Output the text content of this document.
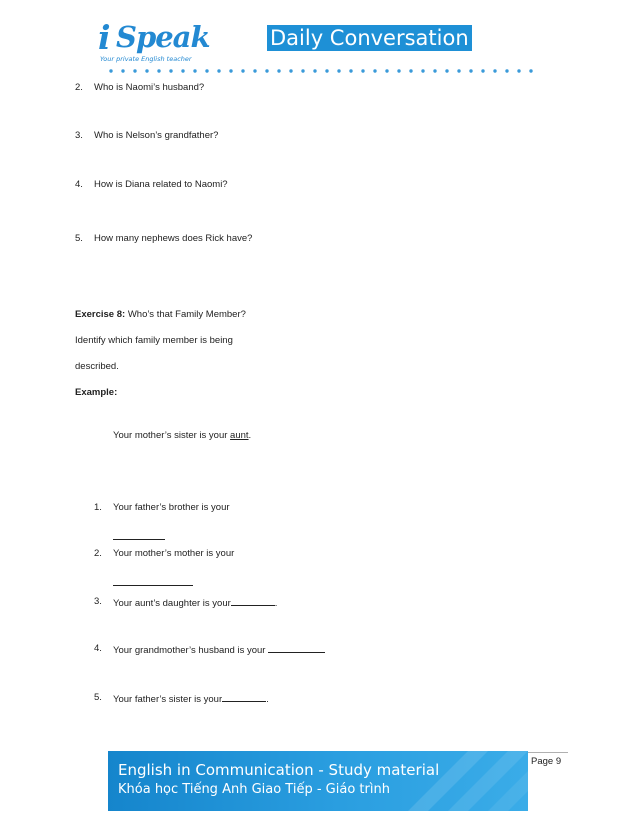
i Speak
Your private English teacher
Daily Conversation
2. Who is Naomi’s husband?
3. Who is Nelson’s grandfather?
4. How is Diana related to Naomi?
5. How many nephews does Rick have?
Exercise 8: Who’s that Family Member?
Identify which family member is being
described.
Example:
Your mother’s sister is your aunt.
1. Your father’s brother is your
2. Your mother’s mother is your
Your aunt’s daughter is your	.
3.
Your grandmother’s husband is your
4.
Your father’s sister is your	.
5.
Page 9
English in Communication - Study material
Khóa học Tiếng Anh Giao Tiếp - Giáo trình
